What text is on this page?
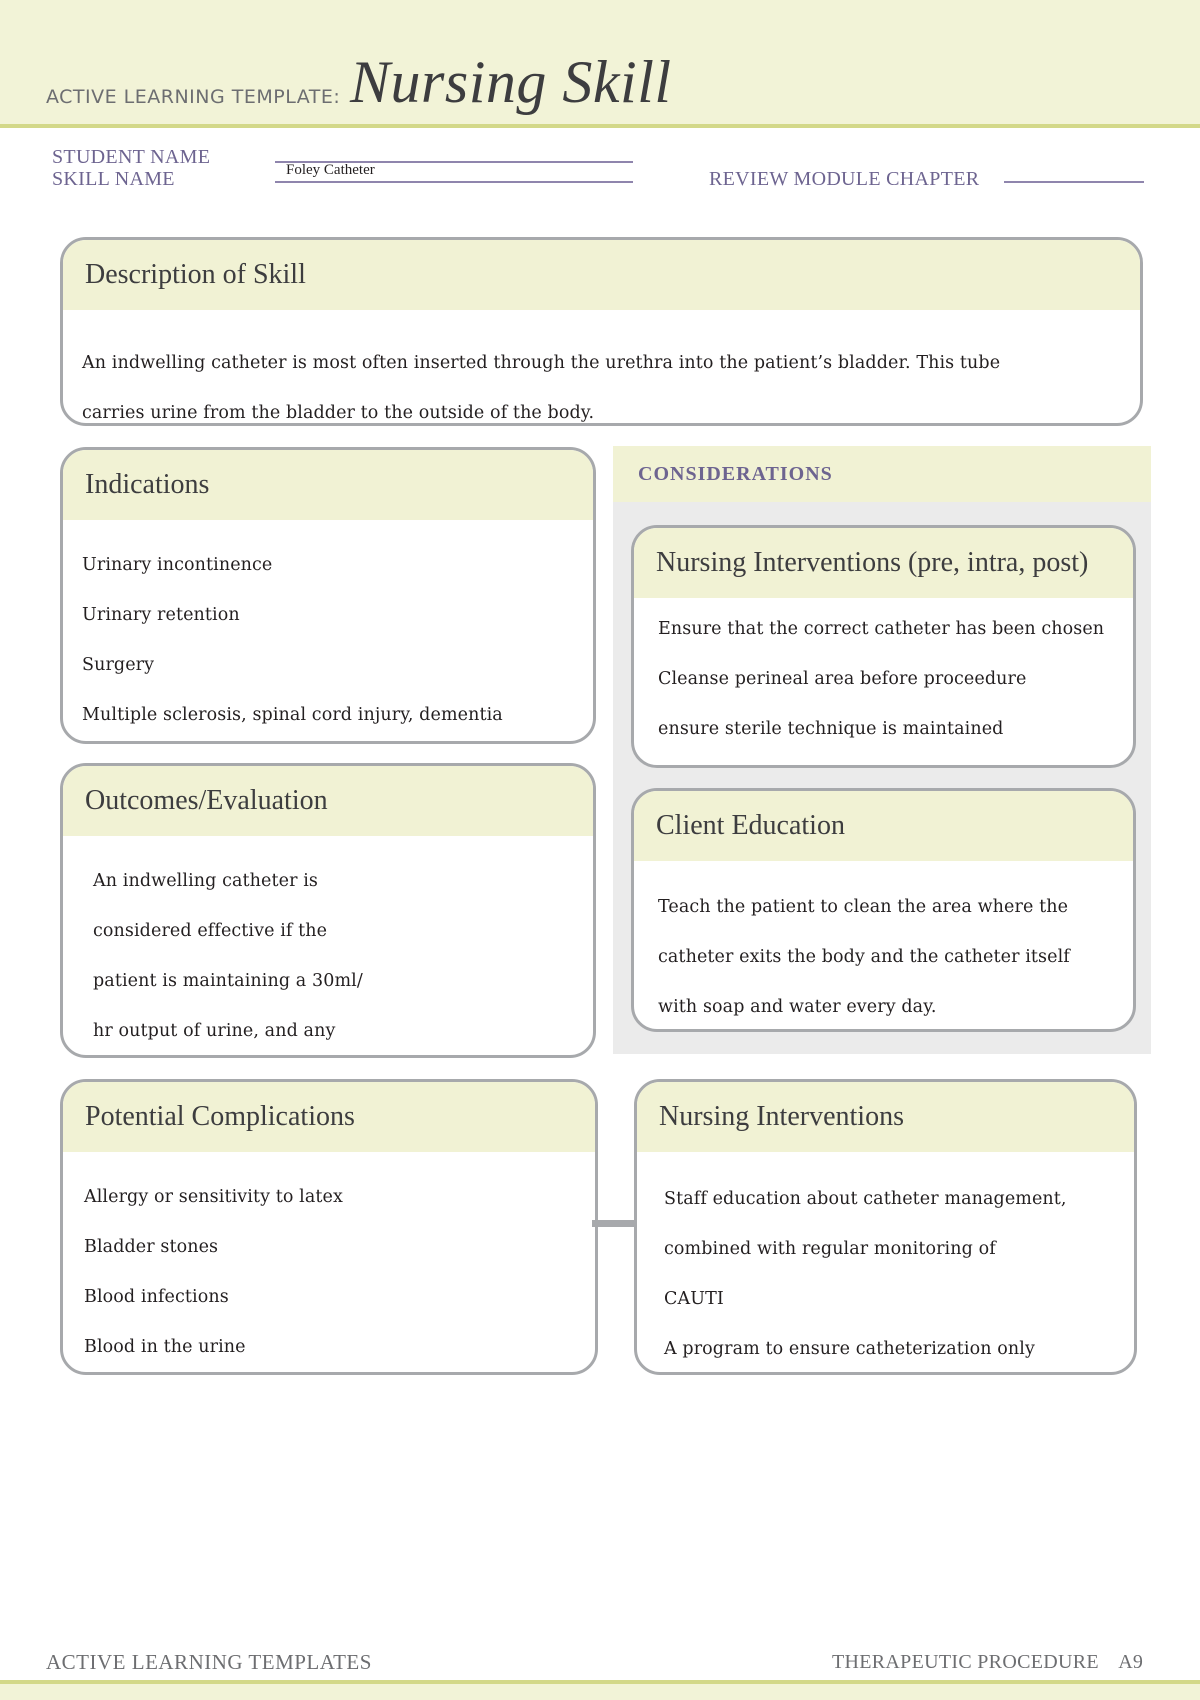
ACTIVE LEARNING TEMPLATE: Nursing Skill
STUDENT NAME
SKILL NAME	Foley Catheter	REVIEW MODULE CHAPTER
Description of Skill

An indwelling catheter is most often inserted through the urethra into the patient’s bladder. This tube

carries urine from the bladder to the outside of the body.

Indications

Urinary incontinence

Urinary retention

Surgery

Multiple sclerosis, spinal cord injury, dementia

Outcomes/Evaluation

An indwelling catheter is

considered effective if the

patient is maintaining a 30ml/

hr output of urine, and any

CONSIDERATIONS
Nursing Interventions (pre, intra, post)

Ensure that the correct catheter has been chosen

Cleanse perineal area before proceedure

ensure sterile technique is maintained

Client Education

Teach the patient to clean the area where the

catheter exits the body and the catheter itself

with soap and water every day.

Potential Complications

Allergy or sensitivity to latex

Bladder stones

Blood infections

Blood in the urine

Nursing Interventions

Staff education about catheter management,

combined with regular monitoring of

CAUTI

A program to ensure catheterization only

ACTIVE LEARNING TEMPLATES	THERAPEUTIC PROCEDURE A9
